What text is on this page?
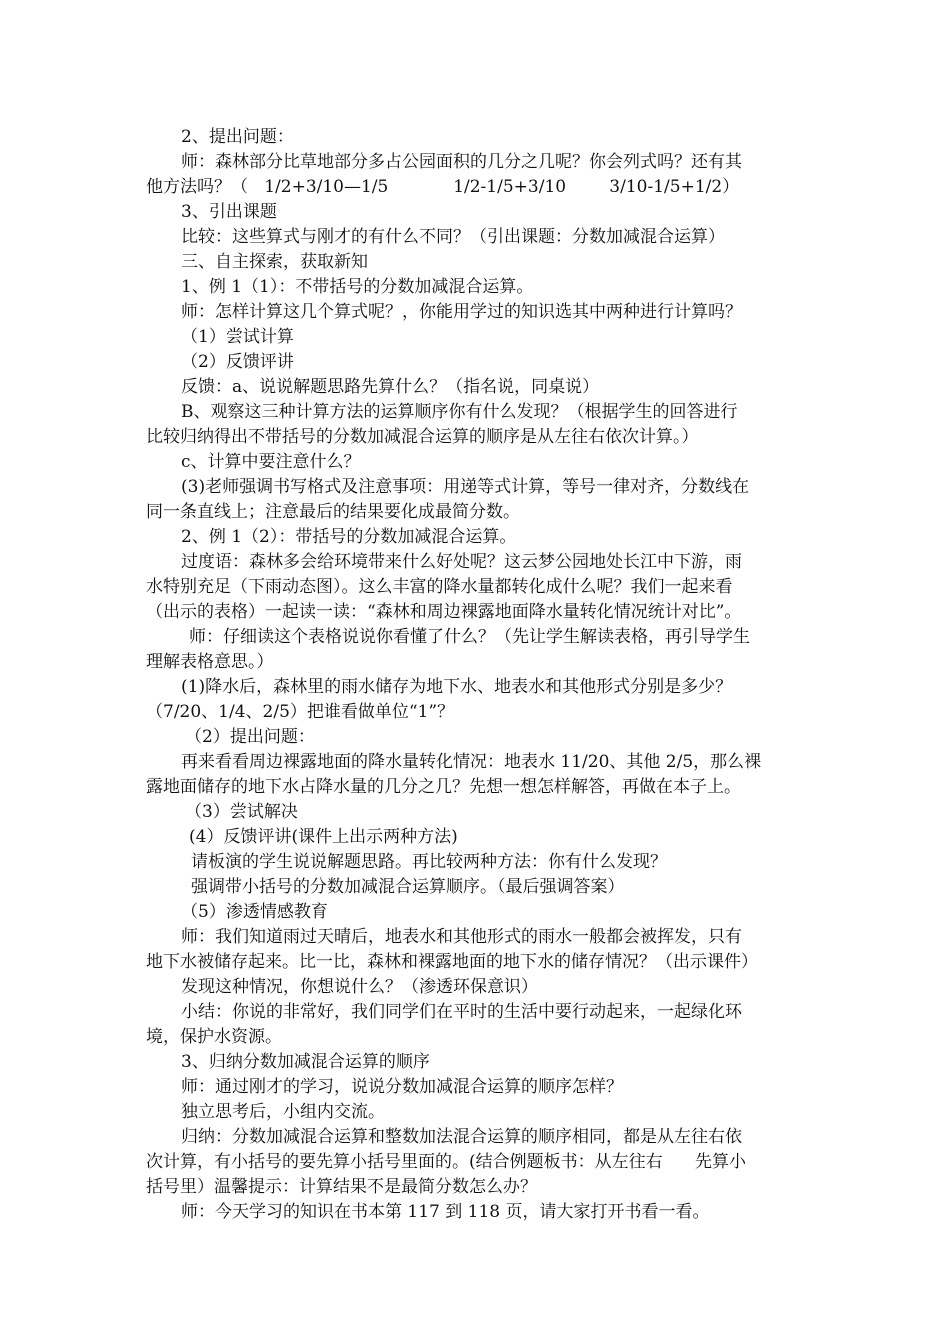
2、提出问题：
师：森林部分比草地部分多占公园面积的几分之几呢？你会列式吗？还有其
他方法吗？（   1/2+3/10—1/5            1/2-1/5+3/10        3/10-1/5+1/2）
3、引出课题
比较：这些算式与刚才的有什么不同？（引出课题：分数加减混合运算）
三、自主探索，获取新知
1、例 1（1）：不带括号的分数加减混合运算。
师：怎样计算这几个算式呢？，你能用学过的知识选其中两种进行计算吗？
（1）尝试计算
（2）反馈评讲
反馈：a、说说解题思路先算什么？（指名说，同桌说）
B、观察这三种计算方法的运算顺序你有什么发现？（根据学生的回答进行
比较归纳得出不带括号的分数加减混合运算的顺序是从左往右依次计算。）
c、计算中要注意什么？
(3)老师强调书写格式及注意事项：用递等式计算，等号一律对齐，分数线在
同一条直线上；注意最后的结果要化成最简分数。
2、例 1（2）：带括号的分数加减混合运算。
过度语：森林多会给环境带来什么好处呢？这云梦公园地处长江中下游，雨
水特别充足（下雨动态图）。这么丰富的降水量都转化成什么呢？我们一起来看
（出示的表格）一起读一读：“森林和周边裸露地面降水量转化情况统计对比”。
师：仔细读这个表格说说你看懂了什么？（先让学生解读表格，再引导学生
理解表格意思。）
(1)降水后，森林里的雨水储存为地下水、地表水和其他形式分别是多少？
（7/20、1/4、2/5）把谁看做单位“1”？
（2）提出问题：
再来看看周边裸露地面的降水量转化情况：地表水 11/20、其他 2/5，那么裸
露地面储存的地下水占降水量的几分之几？先想一想怎样解答，再做在本子上。
（3）尝试解决
(4）反馈评讲(课件上出示两种方法)
请板演的学生说说解题思路。再比较两种方法：你有什么发现？
强调带小括号的分数加减混合运算顺序。（最后强调答案）
（5）渗透情感教育
师：我们知道雨过天晴后，地表水和其他形式的雨水一般都会被挥发，只有
地下水被储存起来。比一比，森林和裸露地面的地下水的储存情况？（出示课件）
发现这种情况，你想说什么？（渗透环保意识）
小结：你说的非常好，我们同学们在平时的生活中要行动起来，一起绿化环
境，保护水资源。
3、归纳分数加减混合运算的顺序
师：通过刚才的学习，说说分数加减混合运算的顺序怎样？
独立思考后，小组内交流。
归纳：分数加减混合运算和整数加法混合运算的顺序相同，都是从左往右依
次计算，有小括号的要先算小括号里面的。(结合例题板书：从左往右      先算小
括号里）温馨提示：计算结果不是最简分数怎么办？
师：今天学习的知识在书本第 117 到 118 页，请大家打开书看一看。
